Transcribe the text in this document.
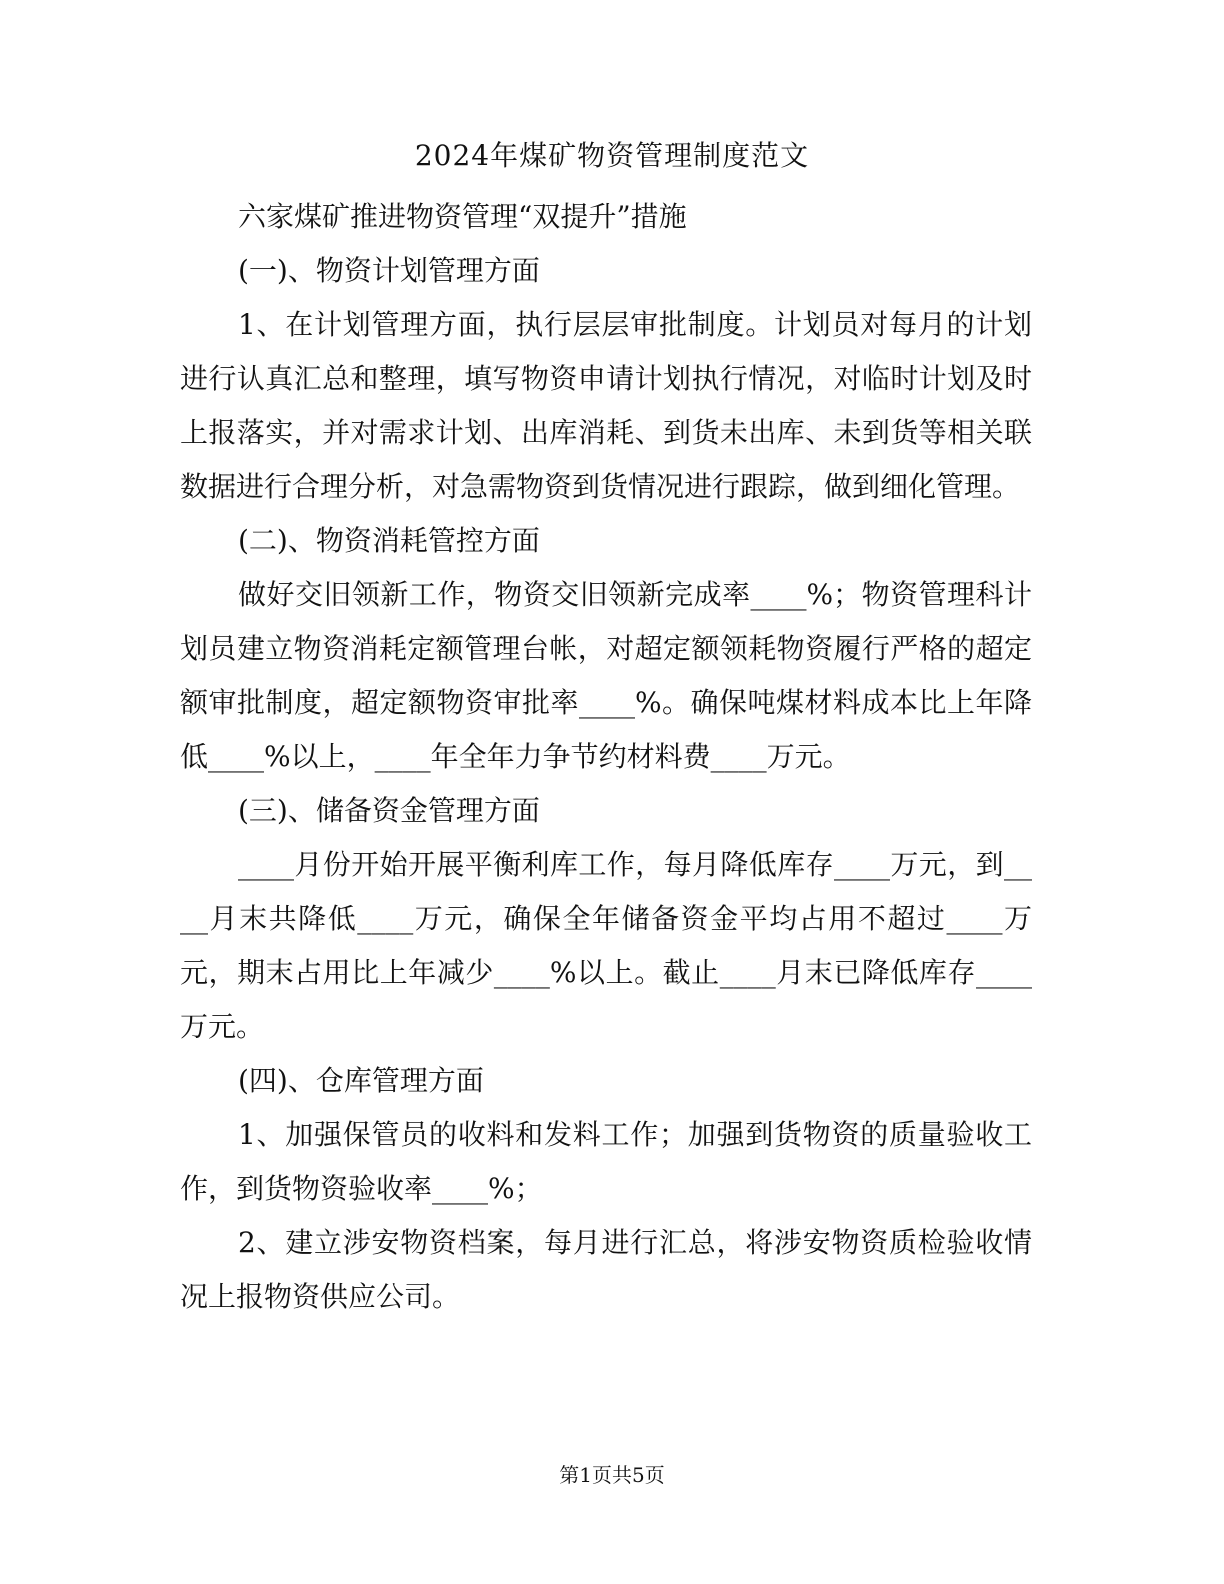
2024年煤矿物资管理制度范文

六家煤矿推进物资管理“双提升”措施

(一)、物资计划管理方面

1、在计划管理方面，执行层层审批制度。计划员对每月的计划进行认真汇总和整理，填写物资申请计划执行情况，对临时计划及时上报落实，并对需求计划、出库消耗、到货未出库、未到货等相关联数据进行合理分析，对急需物资到货情况进行跟踪，做到细化管理。

(二)、物资消耗管控方面

做好交旧领新工作，物资交旧领新完成率____%；物资管理科计划员建立物资消耗定额管理台帐，对超定额领耗物资履行严格的超定额审批制度，超定额物资审批率____%。确保吨煤材料成本比上年降低____%以上，____年全年力争节约材料费____万元。

(三)、储备资金管理方面

____月份开始开展平衡利库工作，每月降低库存____万元，到____月末共降低____万元，确保全年储备资金平均占用不超过____万元，期末占用比上年减少____%以上。截止____月末已降低库存____万元。

(四)、仓库管理方面

1、加强保管员的收料和发料工作；加强到货物资的质量验收工作，到货物资验收率____%；

2、建立涉安物资档案，每月进行汇总，将涉安物资质检验收情况上报物资供应公司。

第1页共5页
